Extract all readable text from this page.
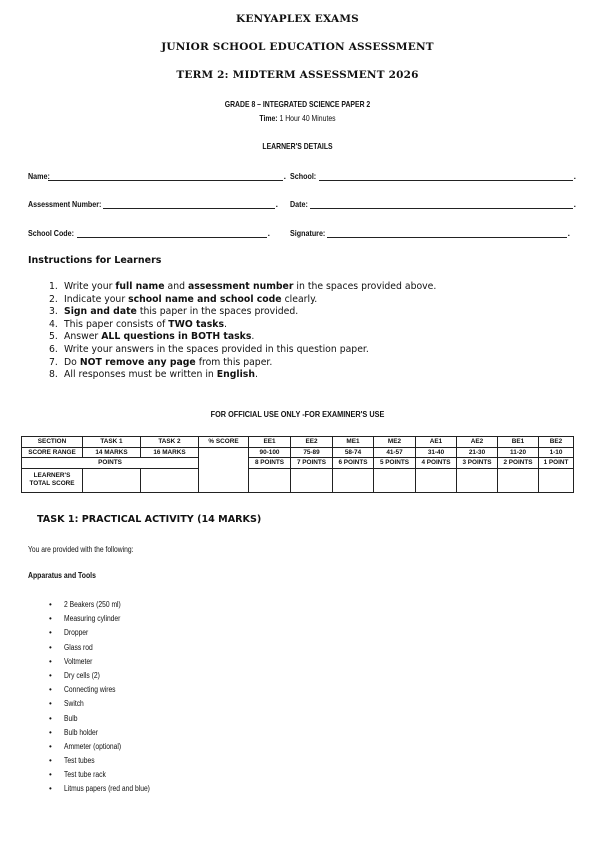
KENYAPLEX EXAMS
JUNIOR SCHOOL EDUCATION ASSESSMENT
TERM 2: MIDTERM ASSESSMENT 2026
GRADE 8 – INTEGRATED SCIENCE PAPER 2
Time: 1 Hour 40 Minutes
LEARNER'S DETAILS
Name:	. School:	.
Assessment Number:	. Date:	.
School Code:	. Signature:	.
Instructions for Learners
1. Write your full name and assessment number in the spaces provided above.
2. Indicate your school name and school code clearly.
3. Sign and date this paper in the spaces provided.
4. This paper consists of TWO tasks.
5. Answer ALL questions in BOTH tasks.
6. Write your answers in the spaces provided in this question paper.
7. Do NOT remove any page from this paper.
8. All responses must be written in English.
FOR OFFICIAL USE ONLY -FOR EXAMINER'S USE
SECTION	TASK 1	TASK 2	% SCORE	EE1	EE2	ME1	ME2	AE1	AE2	BE1	BE2
SCORE RANGE	14 MARKS	16 MARKS		90-100	75-89	58-74	41-57	31-40	21-30	11-20	1-10
POINTS				8 POINTS	7 POINTS	6 POINTS	5 POINTS	4 POINTS	3 POINTS	2 POINTS	1 POINT
LEARNER'S
TOTAL SCORE											
TASK 1: PRACTICAL ACTIVITY (14 MARKS)
You are provided with the following:
Apparatus and Tools
•	2 Beakers (250 ml)
•	Measuring cylinder
•	Dropper
•	Glass rod
•	Voltmeter
•	Dry cells (2)
•	Connecting wires
•	Switch
•	Bulb
•	Bulb holder
•	Ammeter (optional)
•	Test tubes
•	Test tube rack
•	Litmus papers (red and blue)
